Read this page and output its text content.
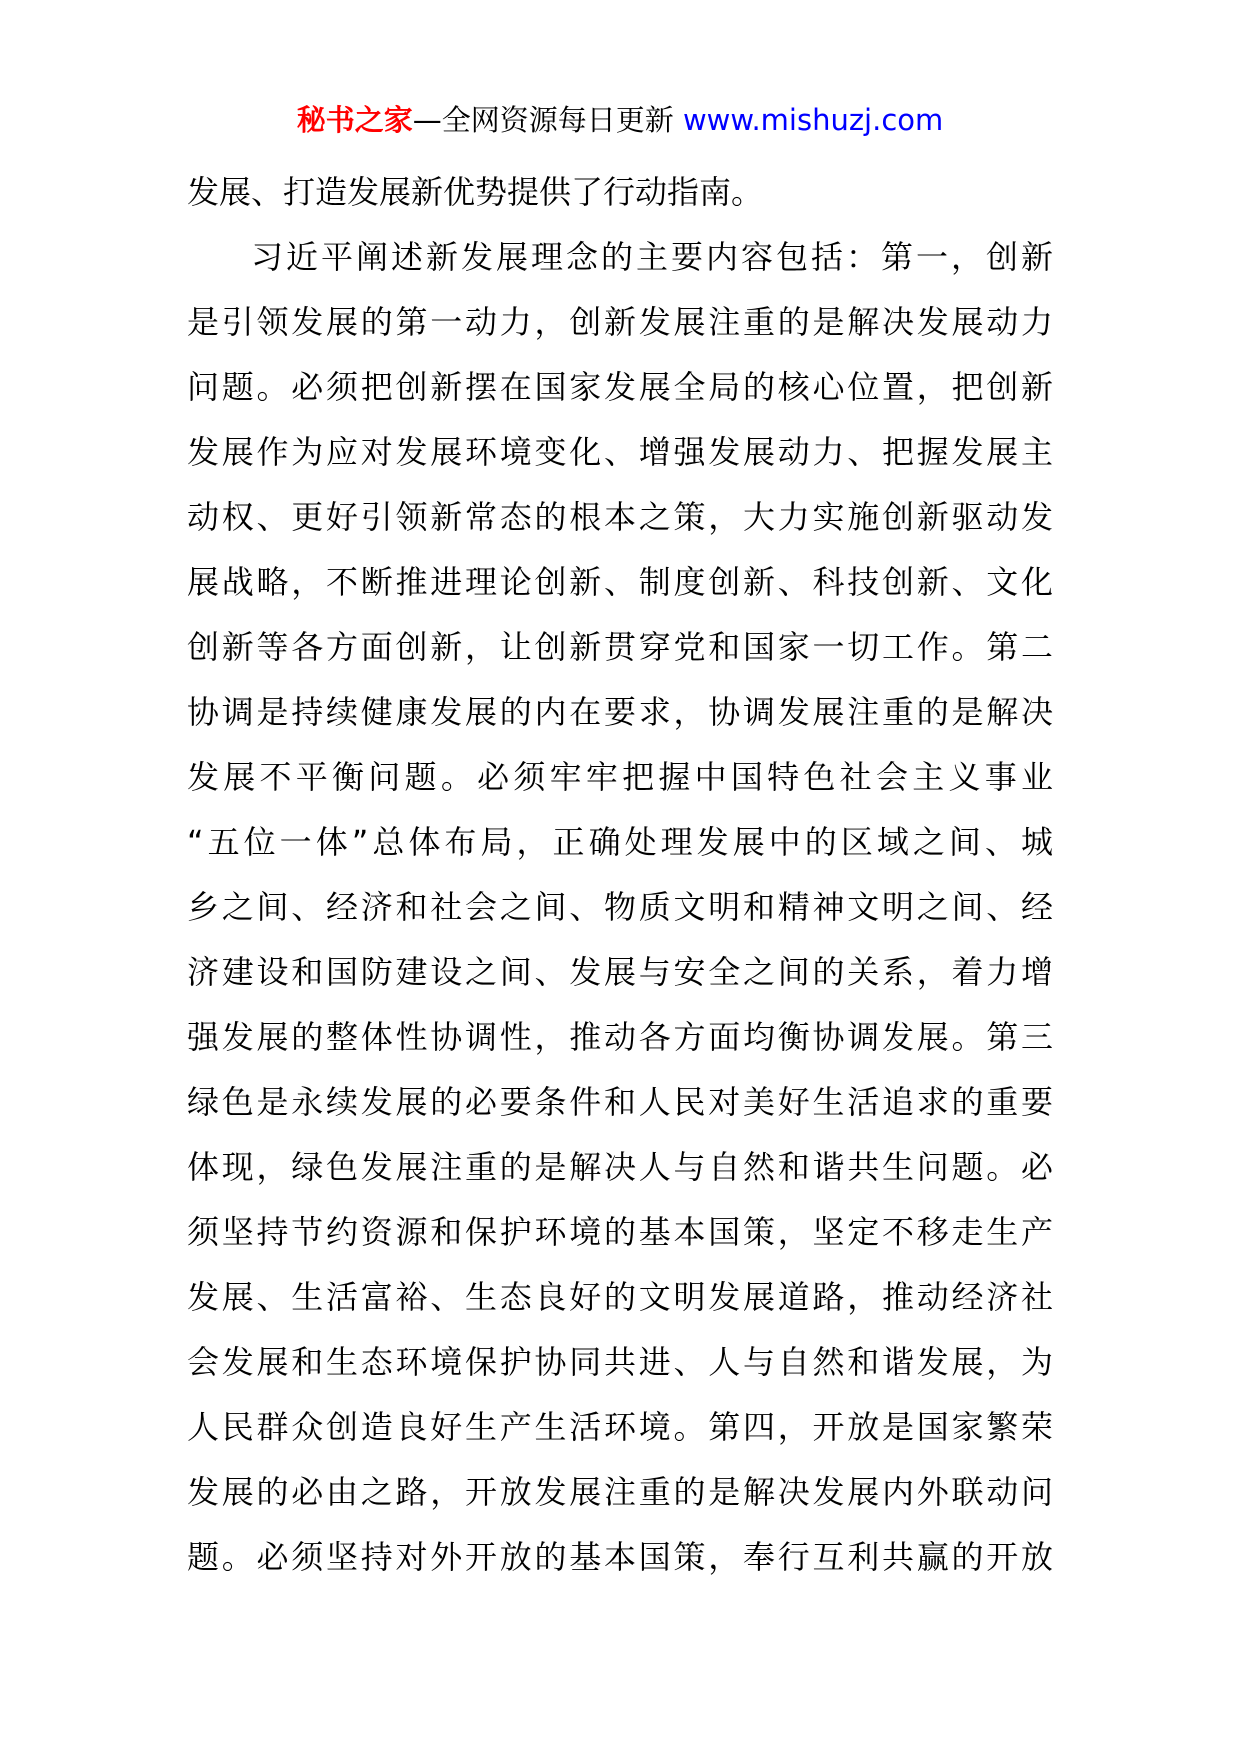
秘书之家—全网资源每日更新 www.mishuzj.com
发展、打造发展新优势提供了行动指南。
习近平阐述新发展理念的主要内容包括：第一，创新
是引领发展的第一动力，创新发展注重的是解决发展动力
问题。必须把创新摆在国家发展全局的核心位置，把创新
发展作为应对发展环境变化、增强发展动力、把握发展主
动权、更好引领新常态的根本之策，大力实施创新驱动发
展战略，不断推进理论创新、制度创新、科技创新、文化
创新等各方面创新，让创新贯穿党和国家一切工作。第二
协调是持续健康发展的内在要求，协调发展注重的是解决
发展不平衡问题。必须牢牢把握中国特色社会主义事业
“五位一体”总体布局，正确处理发展中的区域之间、城
乡之间、经济和社会之间、物质文明和精神文明之间、经
济建设和国防建设之间、发展与安全之间的关系，着力增
强发展的整体性协调性，推动各方面均衡协调发展。第三
绿色是永续发展的必要条件和人民对美好生活追求的重要
体现，绿色发展注重的是解决人与自然和谐共生问题。必
须坚持节约资源和保护环境的基本国策，坚定不移走生产
发展、生活富裕、生态良好的文明发展道路，推动经济社
会发展和生态环境保护协同共进、人与自然和谐发展，为
人民群众创造良好生产生活环境。第四，开放是国家繁荣
发展的必由之路，开放发展注重的是解决发展内外联动问
题。必须坚持对外开放的基本国策，奉行互利共赢的开放
